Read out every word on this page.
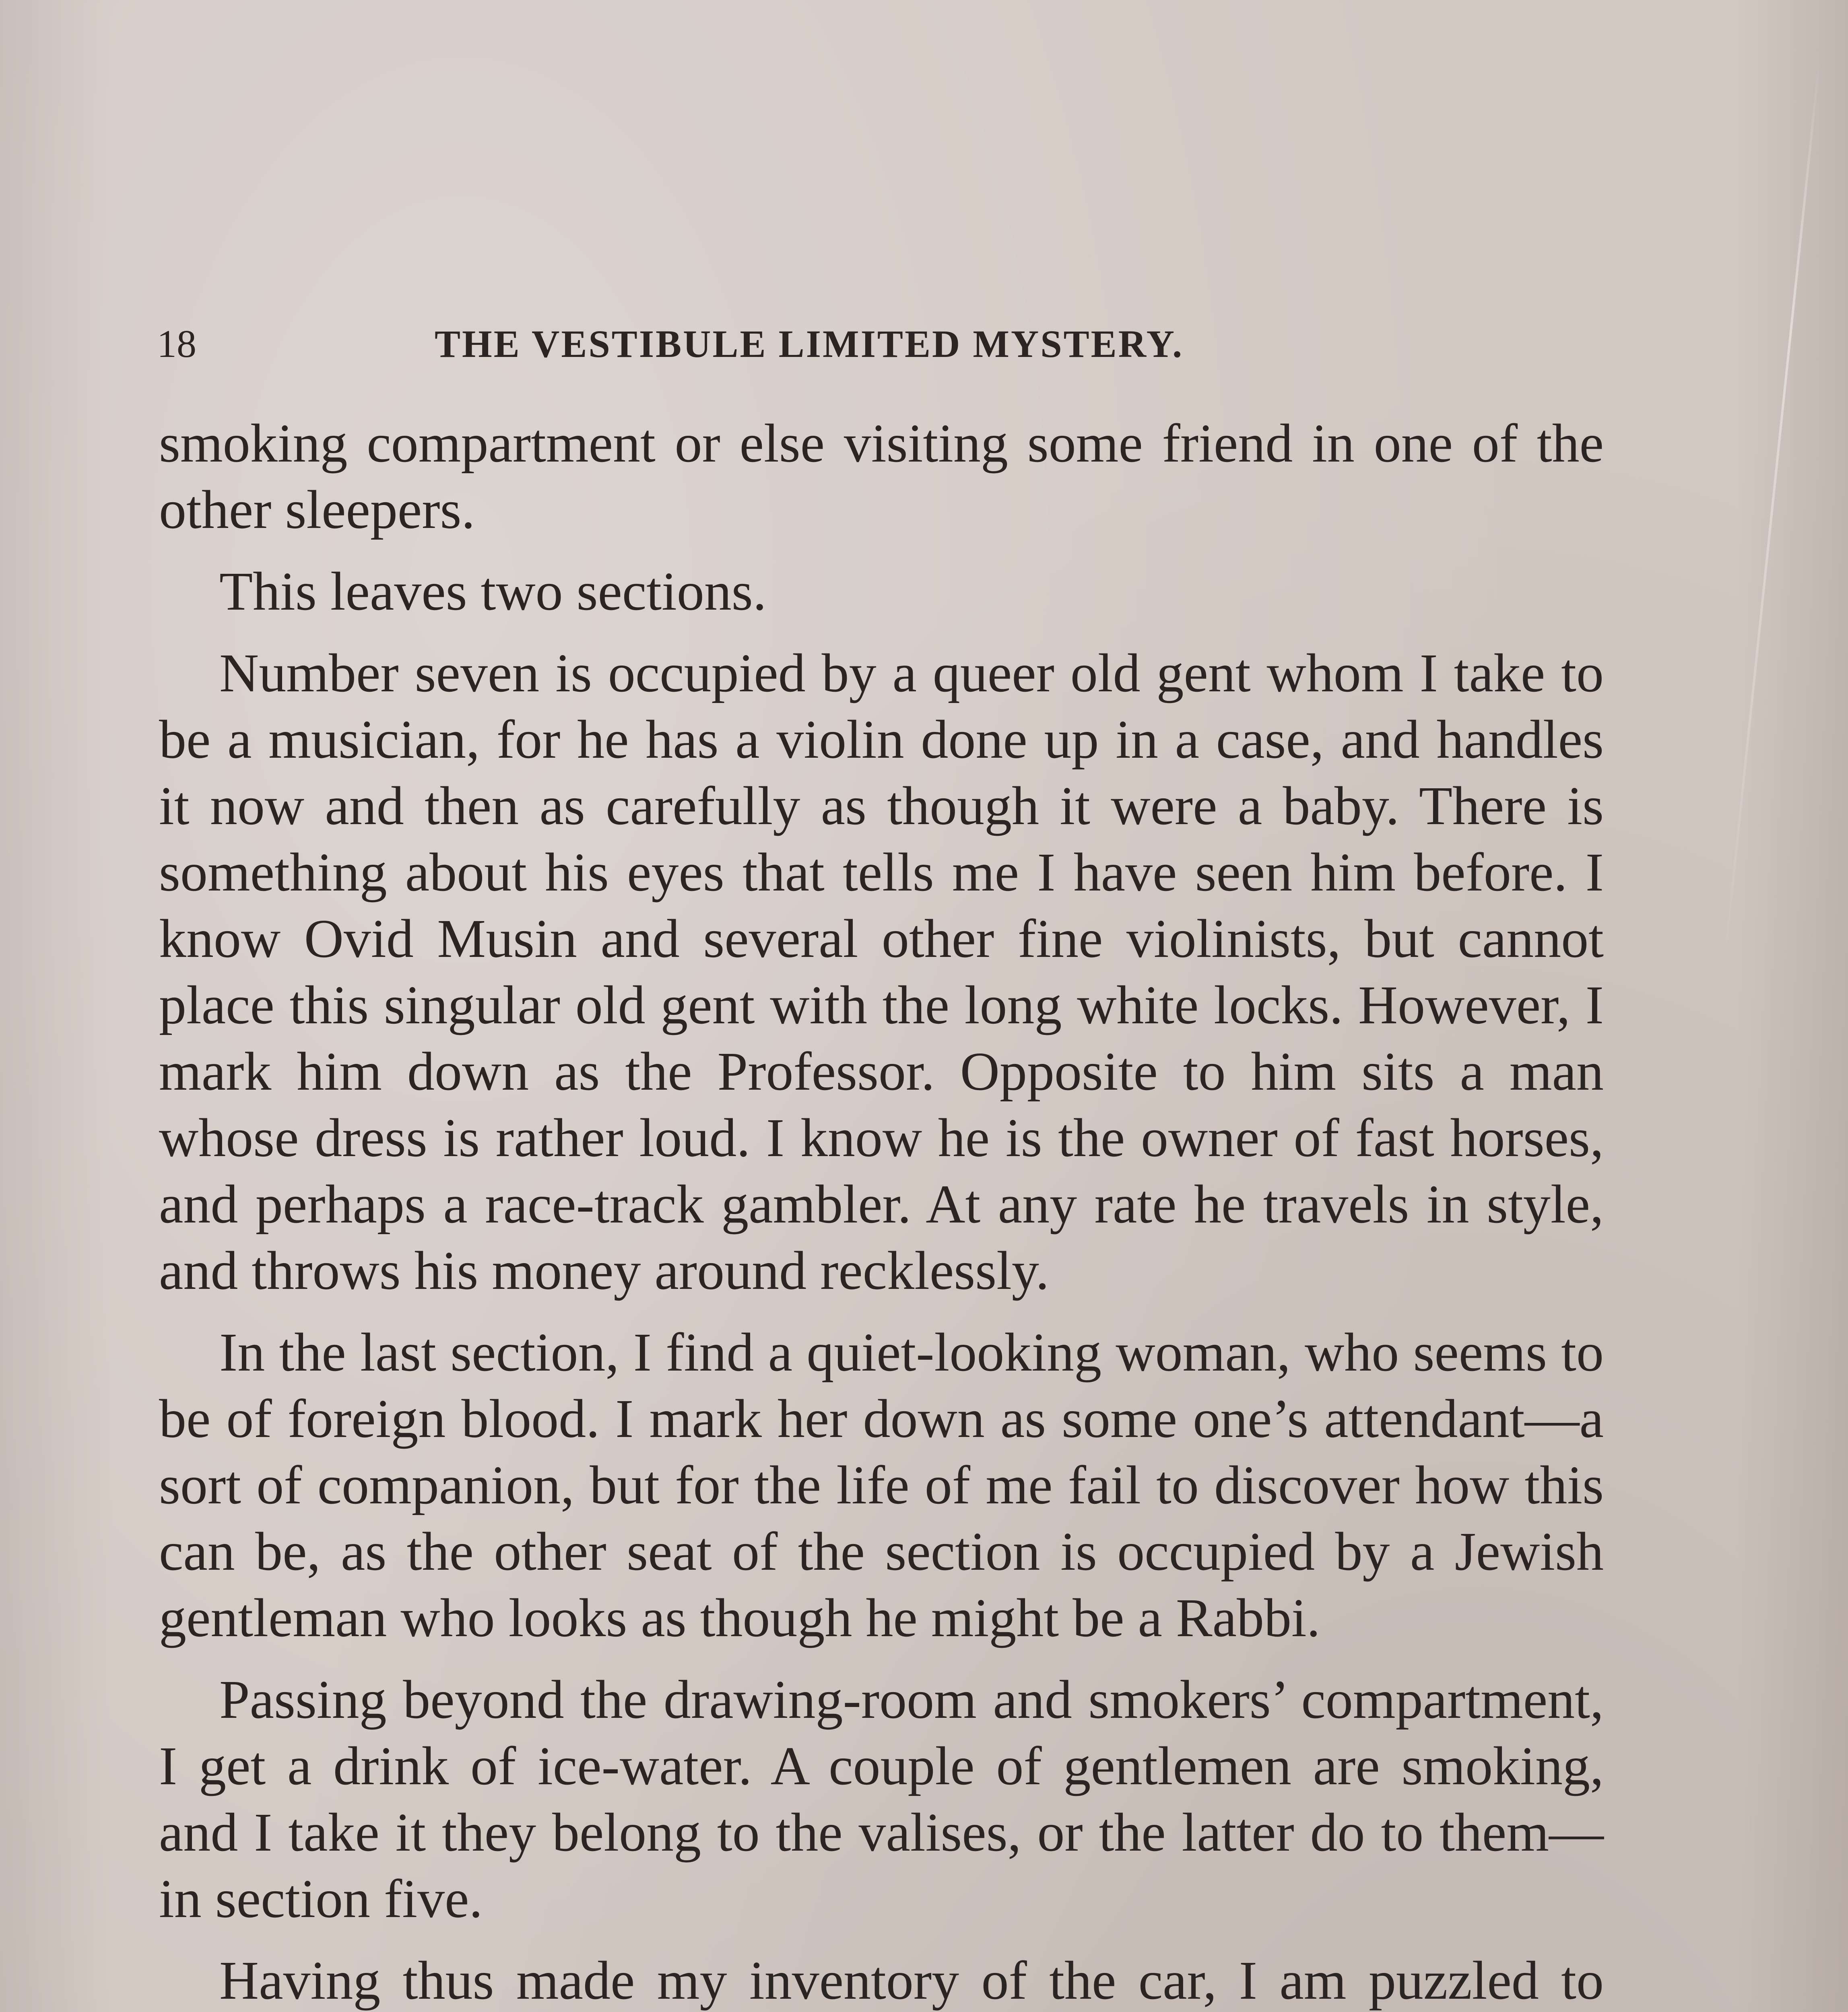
18	THE VESTIBULE LIMITED MYSTERY.

smoking compartment or else visiting some friend in one of the other sleepers.

This leaves two sections.

Number seven is occupied by a queer old gent whom I take to be a musician, for he has a violin done up in a case, and handles it now and then as carefully as though it were a baby. There is something about his eyes that tells me I have seen him before. I know Ovid Musin and several other fine violinists, but cannot place this singular old gent with the long white locks. However, I mark him down as the Professor. Opposite to him sits a man whose dress is rather loud. I know he is the owner of fast horses, and perhaps a race-track gambler. At any rate he travels in style, and throws his money around recklessly.

In the last section, I find a quiet-looking woman, who seems to be of foreign blood. I mark her down as some one’s attendant—a sort of companion, but for the life of me fail to discover how this can be, as the other seat of the section is occupied by a Jewish gentleman who looks as though he might be a Rabbi.

Passing beyond the drawing-room and smokers’ compartment, I get a drink of ice-water. A couple of gentlemen are smoking, and I take it they belong to the valises, or the latter do to them—in section five.

Having thus made my inventory of the car, I am puzzled to
